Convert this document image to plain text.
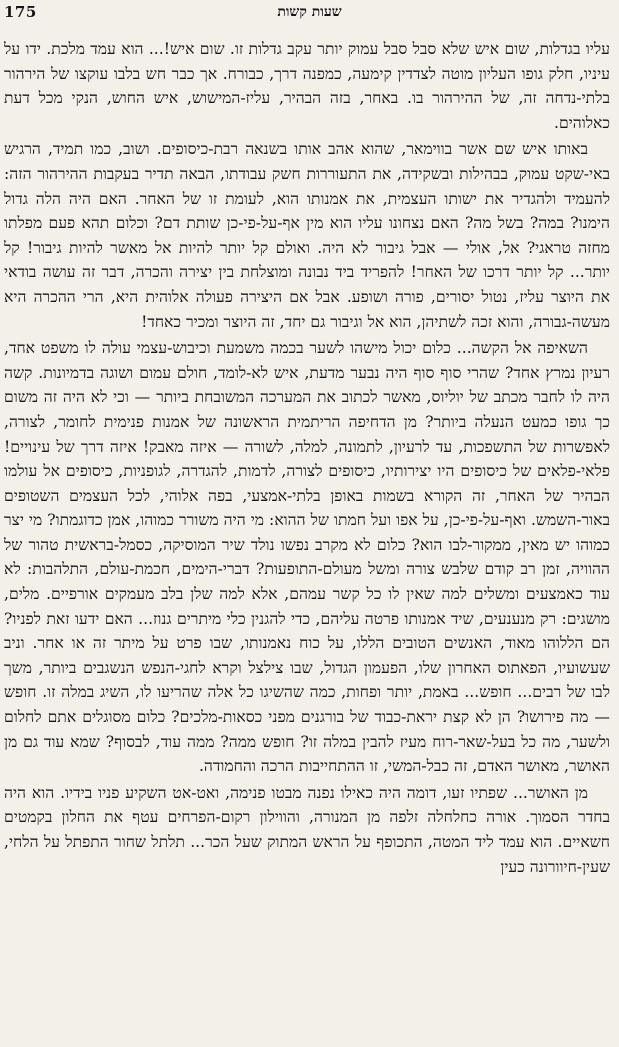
175	שעות קשות

עליו בגדלות, שום איש שלא סבל סבל עמוק יותר עקב גדלות זו. שום איש!... הוא עמד מלכת. ידו על עיניו, חלק גופו העליון מוטה לצדדין קימעה, כמפנה דרך, כבורח. אך כבר חש בלבו עוקצו של הירהור בלתי-נדחה זה, של ההירהור בו. באחר, בזה הבהיר, עליז-המישוש, איש החוש, הנקי מכל דעת כאלוהים.

באותו איש שם אשר בווימאר, שהוא אהב אותו בשנאה רבת-כיסופים. ושוב, כמו תמיד, הרגיש באי-שקט עמוק, בבהילות ובשקידה, את התעוררות חשק עבודתו, הבאה תדיר בעקבות ההירהור הזה: להעמיד ולהגדיר את ישותו העצמית, את אמנותו הוא, לעומת זו של האחר. האם היה הלה גדול הימנו? במה? בשל מה? האם נצחונו עליו הוא מין אף-על-פי-כן שותת דם? וכלום תהא פעם מפלתו מחזה טראגי? אל, אולי — אבל גיבור לא היה. ואולם קל יותר להיות אל מאשר להיות גיבור! קל יותר... קל יותר דרכו של האחר! להפריד ביד נבונה ומוצלחת בין יצירה והכרה, דבר זה עושה בודאי את היוצר עליז, נטול יסורים, פורה ושופע. אבל אם היצירה פעולה אלוהית היא, הרי ההכרה היא מעשה-גבורה, והוא זכה לשתיהן, הוא אל וגיבור גם יחד, זה היוצר ומכיר כאחד!

השאיפה אל הקשה... כלום יכול מישהו לשער בכמה משמעת וכיבוש-עצמי עולה לו משפט אחד, רעיון נמרץ אחד? שהרי סוף סוף היה נבער מדעת, איש לא-לומד, חולם עמום ושוגה בדמיונות. קשה היה לו לחבר מכתב של יוליוס, מאשר לכתוב את המערכה המשובחת ביותר — וכי לא היה זה משום כך גופו כמעט הנעלה ביותר? מן הדחיפה הריתמית הראשונה של אמנות פנימית לחומר, לצורה, לאפשרות של התשפכות, עד לרעיון, לתמונה, למלה, לשורה — איזה מאבק! איזה דרך של עינויים! פלאי-פלאים של כיסופים היו יצירותיו, כיסופים לצורה, לדמות, להגדרה, לגופניות, כיסופים אל עולמו הבהיר של האחר, זה הקורא בשמות באופן בלתי-אמצעי, בפה אלוהי, לכל העצמים השטופים באור-השמש. ואף-על-פי-כן, על אפו ועל חמתו של ההוא: מי היה משורר כמוהו, אמן כדוגמתו? מי יצר כמוהו יש מאין, ממקור-לבו הוא? כלום לא מקרב נפשו נולד שיר המוסיקה, כסמל-בראשית טהור של ההוויה, זמן רב קודם שלבש צורה ומשל מעולם-התופעות? דברי-הימים, חכמת-עולם, התלהבות: לא עוד כאמצעים ומשלים למה שאין לו כל קשר עמהם, אלא למה שלן בלב מעמקים אורפיים. מלים, מושגים: רק מנענעים, שיד אמנותו פרטה עליהם, כדי להגנין כלי מיתרים גנוז... האם ידעו זאת לפניו? הם הללוהו מאוד, האנשים הטובים הללו, על כוח נאמנותו, שבו פרט על מיתר זה או אחר. וניב שעשועיו, הפאתוס האחרון שלו, הפעמון הגדול, שבו צילצל וקרא לחגי-הנפש הנשגבים ביותר, משך לבו של רבים... חופש... באמת, יותר ופחות, כמה שהשיגו כל אלה שהריעו לו, השיג במלה זו. חופש — מה פירושו? הן לא קצת יראת-כבוד של בורגנים מפני כסאות-מלכים? כלום מסוגלים אתם לחלום ולשער, מה כל בעל-שאר-רוח מעיז להבין במלה זו? חופש ממה? ממה עוד, לבסוף? שמא עוד גם מן האושר, מאושר האדם, זה כבל-המשי, זו ההתחייבות הרכה והחמודה.

מן האושר... שפתיו זעו, דומה היה כאילו נפנה מבטו פנימה, ואט-אט השקיע פניו בידיו. הוא היה בחדר הסמוך. אורה כחלחלה זלפה מן המנורה, והווילון רקום-הפרחים עטף את החלון בקמטים חשאיים. הוא עמד ליד המטה, התכופף על הראש המתוק שעל הכר... תלתל שחור התפתל על הלחי, שעין-חיוורונה כעין
